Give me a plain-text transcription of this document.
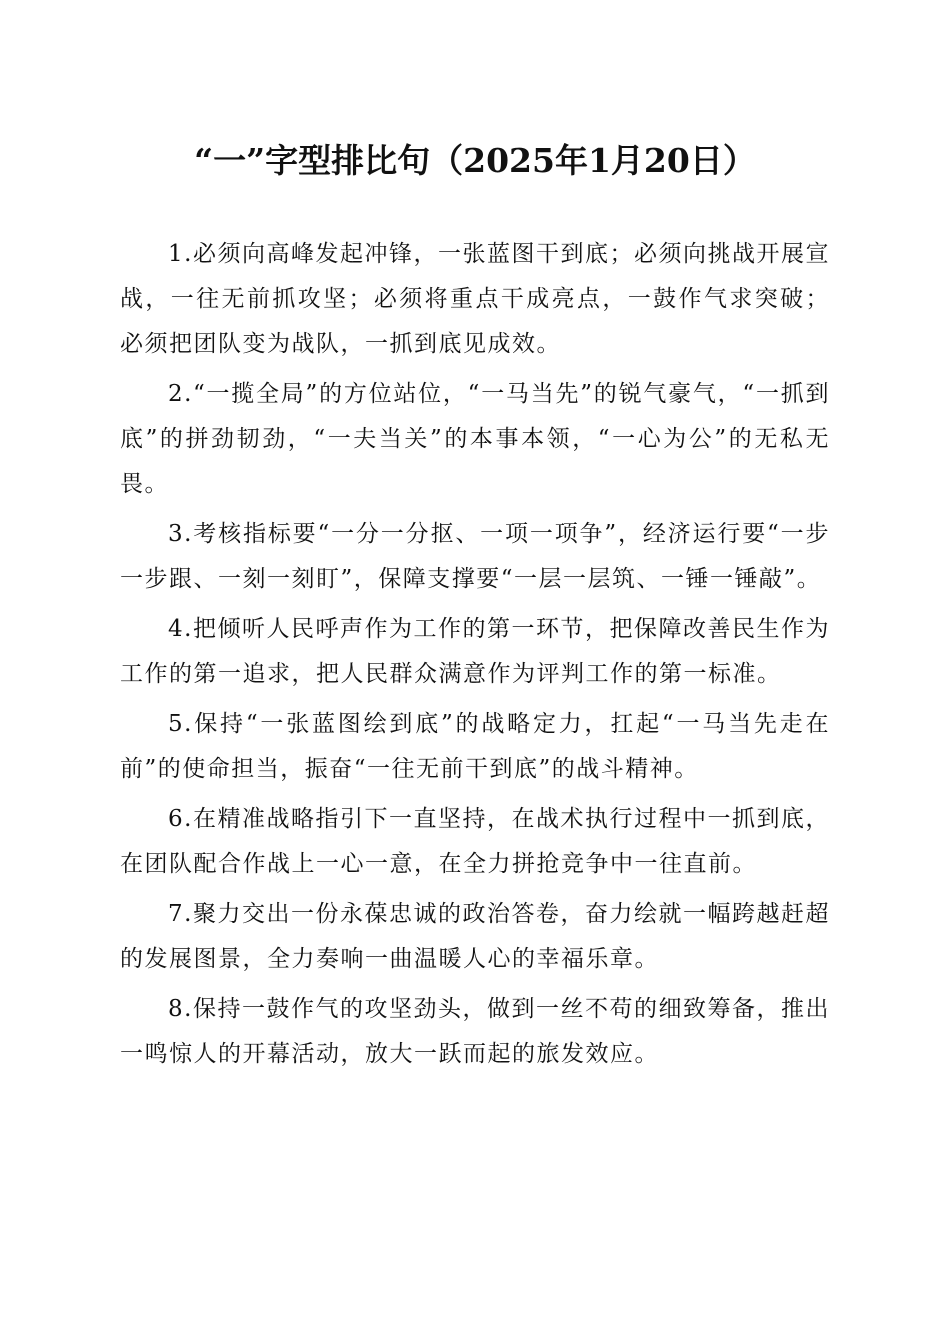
“一”字型排比句（2025年1月20日）

1.必须向高峰发起冲锋，一张蓝图干到底；必须向挑战开展宣战，一往无前抓攻坚；必须将重点干成亮点，一鼓作气求突破；必须把团队变为战队，一抓到底见成效。

2.“一揽全局”的方位站位，“一马当先”的锐气豪气，“一抓到底”的拼劲韧劲，“一夫当关”的本事本领，“一心为公”的无私无畏。

3.考核指标要“一分一分抠、一项一项争”，经济运行要“一步一步跟、一刻一刻盯”，保障支撑要“一层一层筑、一锤一锤敲”。

4.把倾听人民呼声作为工作的第一环节，把保障改善民生作为工作的第一追求，把人民群众满意作为评判工作的第一标准。

5.保持“一张蓝图绘到底”的战略定力，扛起“一马当先走在前”的使命担当，振奋“一往无前干到底”的战斗精神。

6.在精准战略指引下一直坚持，在战术执行过程中一抓到底，在团队配合作战上一心一意，在全力拼抢竞争中一往直前。

7.聚力交出一份永葆忠诚的政治答卷，奋力绘就一幅跨越赶超的发展图景，全力奏响一曲温暖人心的幸福乐章。

8.保持一鼓作气的攻坚劲头，做到一丝不苟的细致筹备，推出一鸣惊人的开幕活动，放大一跃而起的旅发效应。
